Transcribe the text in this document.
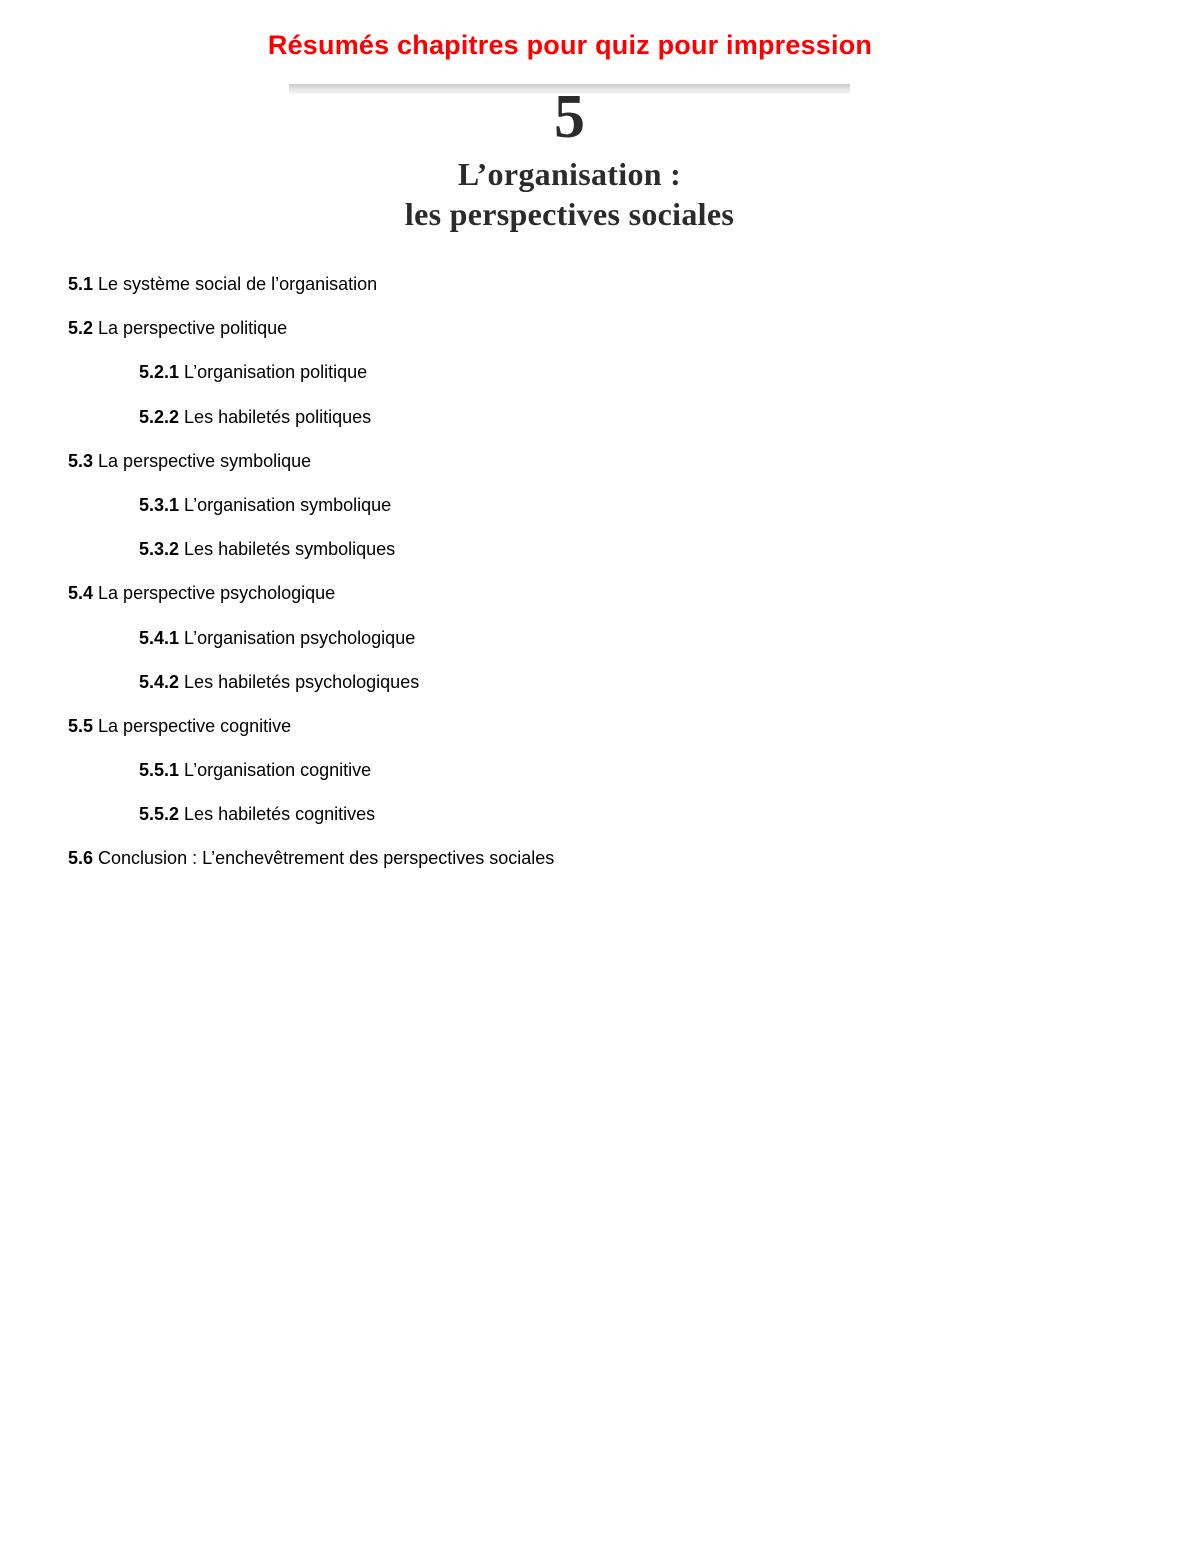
Résumés chapitres pour quiz pour impression
5
L’organisation :
les perspectives sociales
5.1 Le système social de l’organisation
5.2 La perspective politique
5.2.1 L’organisation politique
5.2.2 Les habiletés politiques
5.3 La perspective symbolique
5.3.1 L’organisation symbolique
5.3.2 Les habiletés symboliques
5.4 La perspective psychologique
5.4.1 L’organisation psychologique
5.4.2 Les habiletés psychologiques
5.5 La perspective cognitive
5.5.1 L’organisation cognitive
5.5.2 Les habiletés cognitives
5.6 Conclusion : L’enchevêtrement des perspectives sociales
